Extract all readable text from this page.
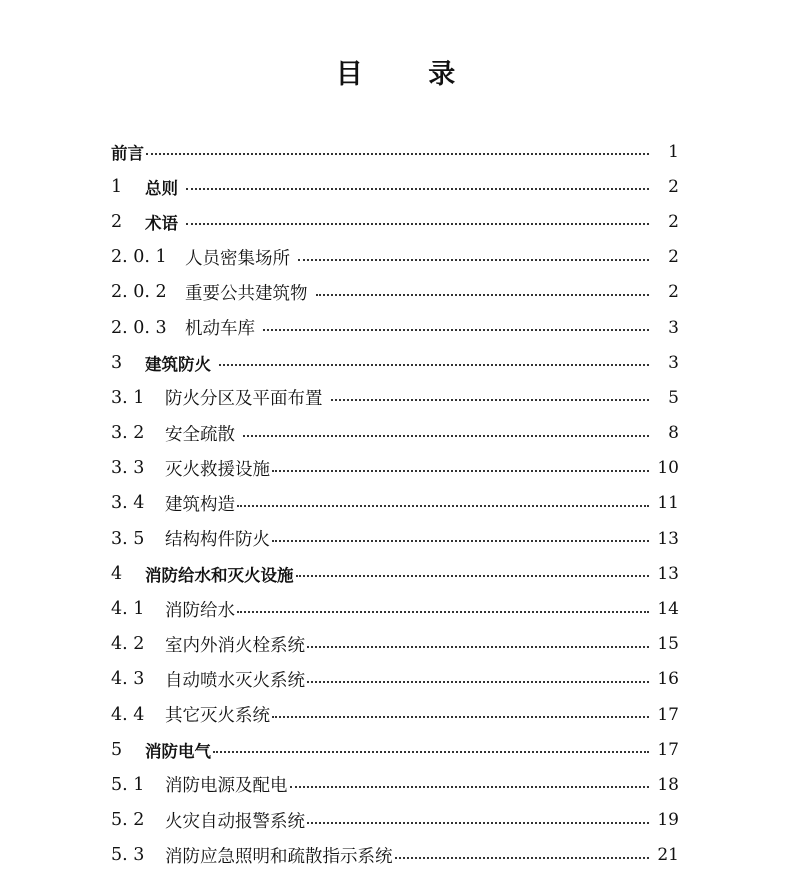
目 录
前言	1
1	总则	2
2	术语	2
2. 0. 1	人员密集场所	2
2. 0. 2	重要公共建筑物	2
2. 0. 3	机动车库	3
3	建筑防火	3
3. 1	防火分区及平面布置	5
3. 2	安全疏散	8
3. 3	灭火救援设施	10
3. 4	建筑构造	11
3. 5	结构构件防火	13
4	消防给水和灭火设施	13
4. 1	消防给水	14
4. 2	室内外消火栓系统	15
4. 3	自动喷水灭火系统	16
4. 4	其它灭火系统	17
5	消防电气	17
5. 1	消防电源及配电	18
5. 2	火灾自动报警系统	19
5. 3	消防应急照明和疏散指示系统	21
